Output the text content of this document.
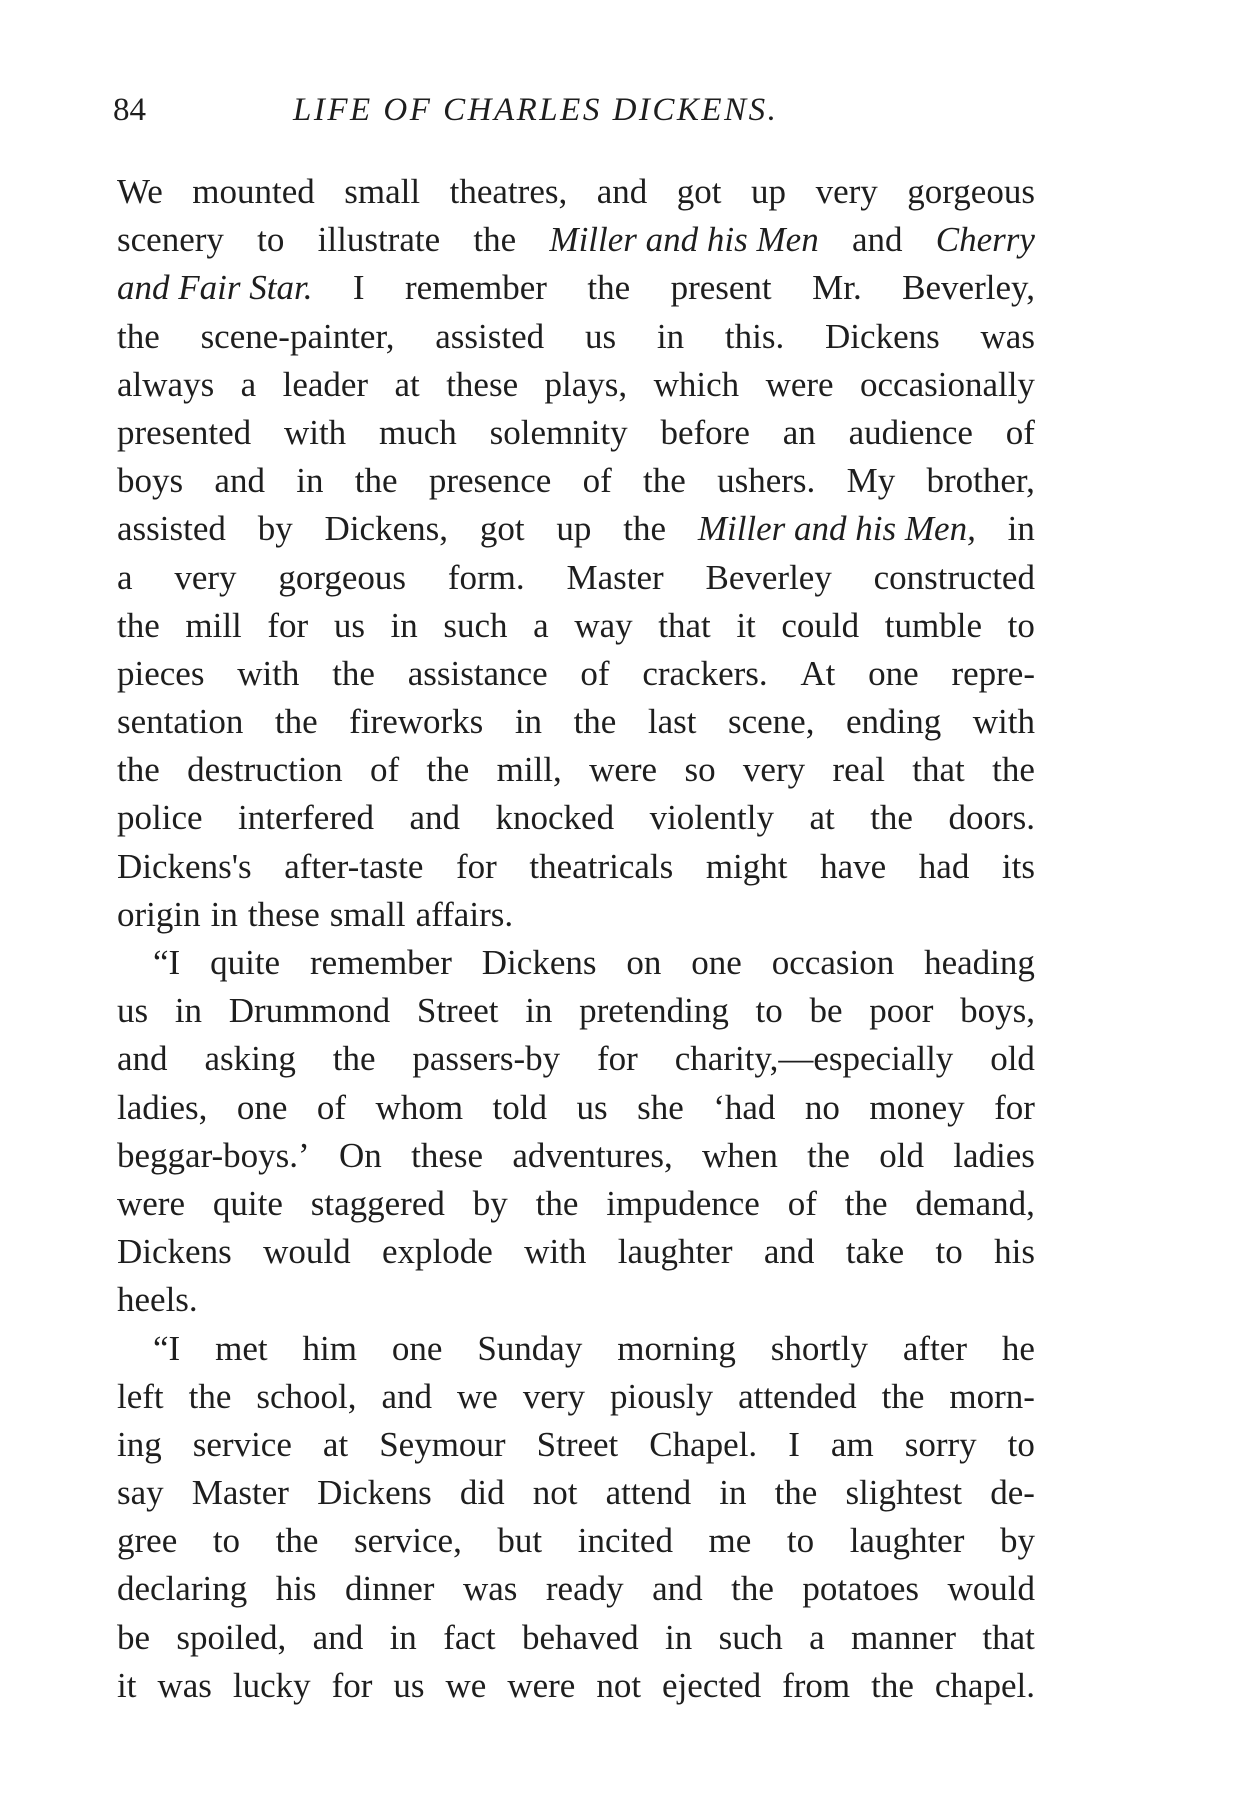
84	LIFE OF CHARLES DICKENS.
We mounted small theatres, and got up very gorgeous
scenery to illustrate the Miller and his Men and Cherry
and Fair Star. I remember the present Mr. Beverley,
the scene-painter, assisted us in this. Dickens was
always a leader at these plays, which were occasionally
presented with much solemnity before an audience of
boys and in the presence of the ushers. My brother,
assisted by Dickens, got up the Miller and his Men, in
a very gorgeous form. Master Beverley constructed
the mill for us in such a way that it could tumble to
pieces with the assistance of crackers. At one repre-
sentation the fireworks in the last scene, ending with
the destruction of the mill, were so very real that the
police interfered and knocked violently at the doors.
Dickens's after-taste for theatricals might have had its
origin in these small affairs.
“I quite remember Dickens on one occasion heading
us in Drummond Street in pretending to be poor boys,
and asking the passers-by for charity,—especially old
ladies, one of whom told us she ‘had no money for
beggar-boys.’ On these adventures, when the old ladies
were quite staggered by the impudence of the demand,
Dickens would explode with laughter and take to his
heels.
“I met him one Sunday morning shortly after he
left the school, and we very piously attended the morn-
ing service at Seymour Street Chapel. I am sorry to
say Master Dickens did not attend in the slightest de-
gree to the service, but incited me to laughter by
declaring his dinner was ready and the potatoes would
be spoiled, and in fact behaved in such a manner that
it was lucky for us we were not ejected from the chapel.
